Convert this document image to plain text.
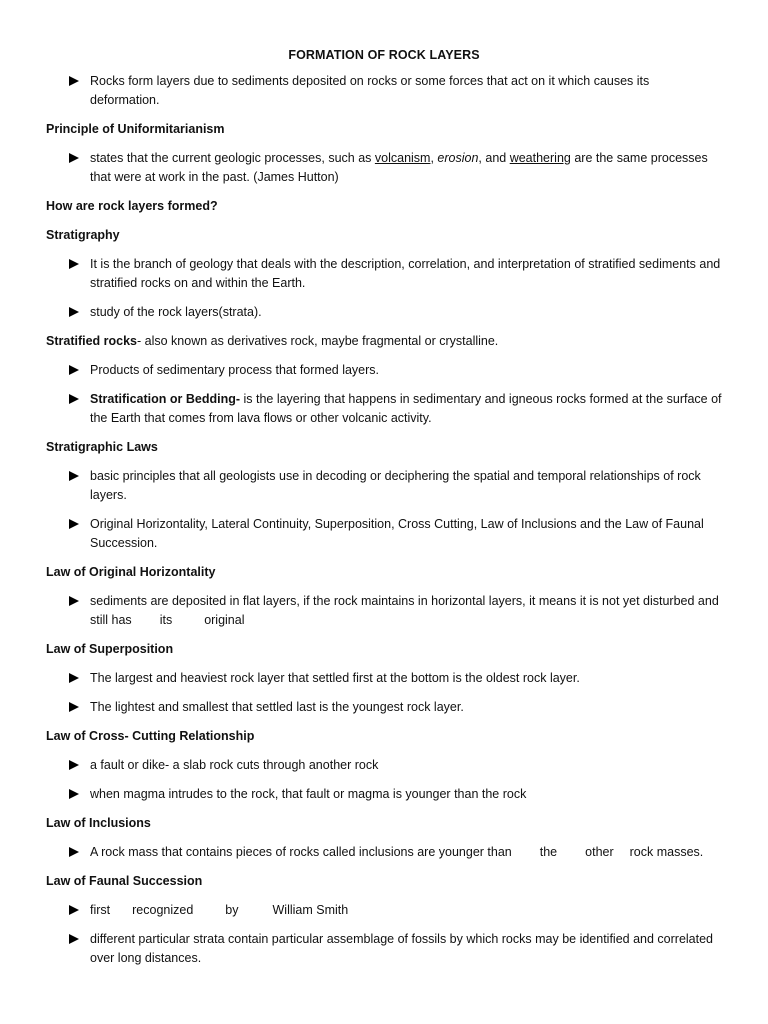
FORMATION OF ROCK LAYERS
Rocks form layers due to sediments deposited on rocks or some forces that act on it which causes its deformation.
Principle of Uniformitarianism
states that the current geologic processes, such as volcanism, erosion, and weathering are the same processes that were at work in the past. (James Hutton)
How are rock layers formed?
Stratigraphy
It is the branch of geology that deals with the description, correlation, and interpretation of stratified sediments and stratified rocks on and within the Earth.
study of the rock layers(strata).
Stratified rocks- also known as derivatives rock, maybe fragmental or crystalline.
Products of sedimentary process that formed layers.
Stratification or Bedding- is the layering that happens in sedimentary and igneous rocks formed at the surface of the Earth that comes from lava flows or other volcanic activity.
Stratigraphic Laws
basic principles that all geologists use in decoding or deciphering the spatial and temporal relationships of rock layers.
Original Horizontality, Lateral Continuity, Superposition, Cross Cutting, Law of Inclusions and the Law of Faunal Succession.
Law of Original Horizontality
sediments are deposited in flat layers, if the rock maintains in horizontal layers, it means it is not yet disturbed and still has its	original
Law of Superposition
The largest and heaviest rock layer that settled first at the bottom is the oldest rock layer.
The lightest and smallest that settled last is the youngest rock layer.
Law of Cross- Cutting Relationship
a fault or dike- a slab rock cuts through another rock
when magma intrudes to the rock, that fault or magma is younger than the rock
Law of Inclusions
A rock mass that contains pieces of rocks called inclusions are younger than the other rock masses.
Law of Faunal Succession
first recognized	by	William Smith
different particular strata contain particular assemblage of fossils by which rocks may be identified and correlated over long distances.
